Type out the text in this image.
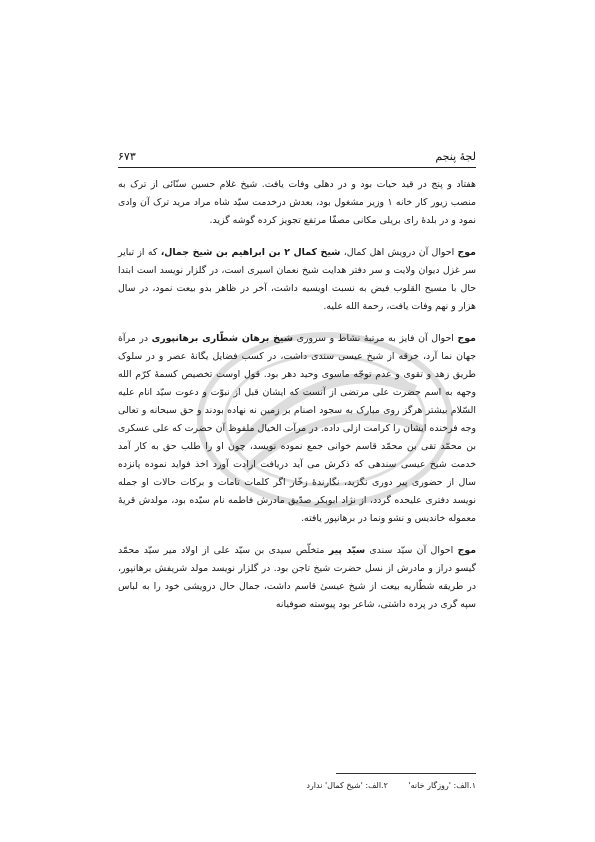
لجهٔ پنجم
۶۷۳

هفتاد و پنج در قید حیات بود و در دهلی وفات یافت. شیخ غلام حسین سنّائی از ترک به منصب زیور کار خانه ۱ وزیر مشغول بود، بعدش درخدمت سیّد شاه مراد مرید ترک آن وادی نمود و در بلدهٔ رای بریلی مکانی مصفّا مرتفع تجویز کرده گوشه گزید.

موج احوال آن درویش اهل کمال، شیخ کمال ۲ بن ابراهیم بن شیخ جمال، که از تبایر سر غزل دیوان ولایت و سر دفتر هدایت شیخ نعمان اسیری است، در گلزار نویسد است ابتدا حال با مسیح القلوب فیض به نسبت اویسیه داشت، آخر در ظاهر بدو بیعت نمود، در سال هزار و نهم وفات یافت، رحمة الله علیه.

موج احوال آن فایز به مرتبهٔ نشاط و سروری شیخ برهان شطّاری برهانپوری در مرآة جهان نما آرد، خرقه از شیخ عیسی سندی داشت، در کسب فضایل یگانهٔ عصر و در سلوک طریق زهد و تقوی و عدم توجّه ماسوی وحید دهر بود. قول اوست تخصیص کسمهٔ کرّم الله وجهه به اسم حضرت علی مرتضی از آنست که ایشان قبل از نبوّت و دعوت سیّد انام علیه السّلام بیشتر هرگز روی مبارک به سجود اصنام بر زمین نه نهاده بودند و حق سبحانه و تعالی وجه فرخنده ایشان را کرامت ازلی داده. در مرآت الخیال ملفوظ آن حضرت که علی عسکری بن محمّد تقی بن محمّد قاسم خوانی جمع نموده نویسد، چون او را طلب حق به کار آمد خدمت شیخ عیسی سندهی که ذکرش می آید دریافت ارادت آورد اخذ فواید نموده پانزده سال از حضوری پیر دوری نگزید، نگارندهٔ زخّار اگر کلمات تامات و برکات حالات او جمله نویسد دفتری علیحده گردد، از نژاد ابوبکر صدّیق مادرش فاطمه نام سیّده بود، مولدش قریهٔ معموله خاندیس و نشو ونما در برهانپور یافته.

موج احوال آن سیّد سندی سیّد پیر متخلّص سیدی بن سیّد علی از اولاد میر سیّد محمّد گیسو دراز و مادرش از نسل حضرت شیخ تاجن بود. در گلزار نویسد مولد شریفش برهانپور، در طریقه شطّاریه بیعت از شیخ عیسیٰ قاسم داشت، جمال حال درویشی خود را به لباس سپه گری در پرده داشتی، شاعر بود پیوسته صوفیانه

۱.الف: 'روزگار خانه' ۲.الف: 'شیخ کمال' ندارد
